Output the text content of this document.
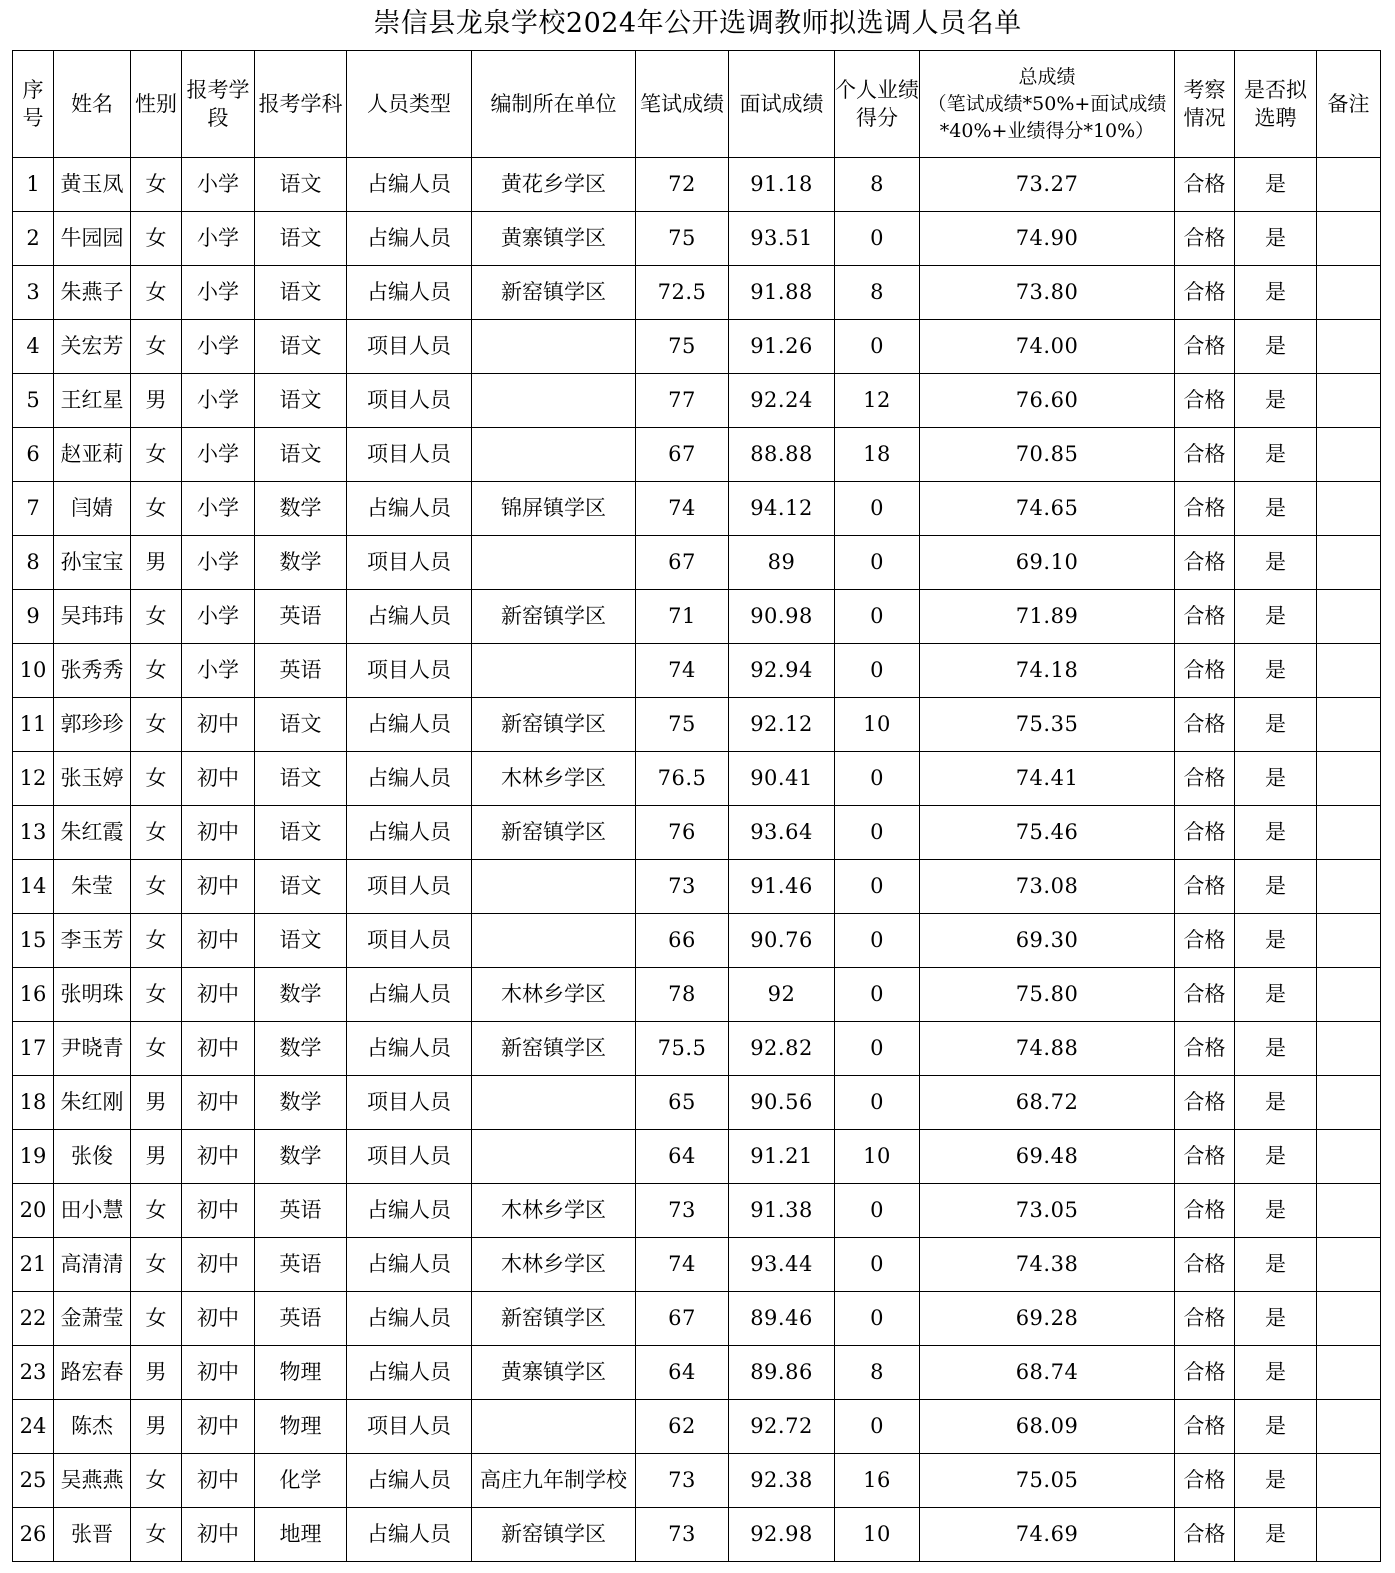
崇信县龙泉学校2024年公开选调教师拟选调人员名单
序号	姓名	性别	报考学段	报考学科	人员类型	编制所在单位	笔试成绩	面试成绩	个人业绩得分	总成绩
（笔试成绩*50%+面试成绩*40%+业绩得分*10%）	考察情况	是否拟选聘	备注
1	黄玉凤	女	小学	语文	占编人员	黄花乡学区	72	91.18	8	73.27	合格	是	
2	牛园园	女	小学	语文	占编人员	黄寨镇学区	75	93.51	0	74.90	合格	是	
3	朱燕子	女	小学	语文	占编人员	新窑镇学区	72.5	91.88	8	73.80	合格	是	
4	关宏芳	女	小学	语文	项目人员		75	91.26	0	74.00	合格	是	
5	王红星	男	小学	语文	项目人员		77	92.24	12	76.60	合格	是	
6	赵亚莉	女	小学	语文	项目人员		67	88.88	18	70.85	合格	是	
7	闫婧	女	小学	数学	占编人员	锦屏镇学区	74	94.12	0	74.65	合格	是	
8	孙宝宝	男	小学	数学	项目人员		67	89	0	69.10	合格	是	
9	吴玮玮	女	小学	英语	占编人员	新窑镇学区	71	90.98	0	71.89	合格	是	
10	张秀秀	女	小学	英语	项目人员		74	92.94	0	74.18	合格	是	
11	郭珍珍	女	初中	语文	占编人员	新窑镇学区	75	92.12	10	75.35	合格	是	
12	张玉婷	女	初中	语文	占编人员	木林乡学区	76.5	90.41	0	74.41	合格	是	
13	朱红霞	女	初中	语文	占编人员	新窑镇学区	76	93.64	0	75.46	合格	是	
14	朱莹	女	初中	语文	项目人员		73	91.46	0	73.08	合格	是	
15	李玉芳	女	初中	语文	项目人员		66	90.76	0	69.30	合格	是	
16	张明珠	女	初中	数学	占编人员	木林乡学区	78	92	0	75.80	合格	是	
17	尹晓青	女	初中	数学	占编人员	新窑镇学区	75.5	92.82	0	74.88	合格	是	
18	朱红刚	男	初中	数学	项目人员		65	90.56	0	68.72	合格	是	
19	张俊	男	初中	数学	项目人员		64	91.21	10	69.48	合格	是	
20	田小慧	女	初中	英语	占编人员	木林乡学区	73	91.38	0	73.05	合格	是	
21	高清清	女	初中	英语	占编人员	木林乡学区	74	93.44	0	74.38	合格	是	
22	金萧莹	女	初中	英语	占编人员	新窑镇学区	67	89.46	0	69.28	合格	是	
23	路宏春	男	初中	物理	占编人员	黄寨镇学区	64	89.86	8	68.74	合格	是	
24	陈杰	男	初中	物理	项目人员		62	92.72	0	68.09	合格	是	
25	吴燕燕	女	初中	化学	占编人员	高庄九年制学校	73	92.38	16	75.05	合格	是	
26	张晋	女	初中	地理	占编人员	新窑镇学区	73	92.98	10	74.69	合格	是	
